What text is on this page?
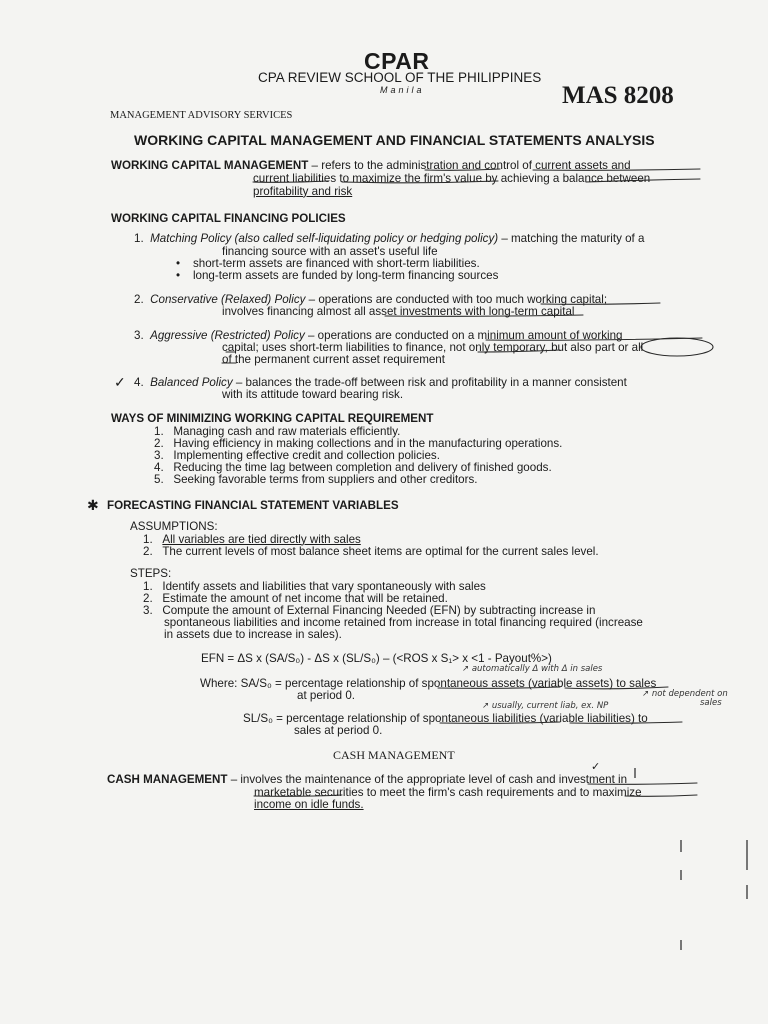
CPAR
CPA REVIEW SCHOOL OF THE PHILIPPINES
Manila	MAS 8208
MANAGEMENT ADVISORY SERVICES
WORKING CAPITAL MANAGEMENT AND FINANCIAL STATEMENTS ANALYSIS
WORKING CAPITAL MANAGEMENT – refers to the administration and control of current assets and
current liabilities to maximize the firm's value by achieving a balance between
profitability and risk
WORKING CAPITAL FINANCING POLICIES
1. Matching Policy (also called self-liquidating policy or hedging policy) – matching the maturity of a
financing source with an asset's useful life
•    short-term assets are financed with short-term liabilities.
•    long-term assets are funded by long-term financing sources
2. Conservative (Relaxed) Policy – operations are conducted with too much working capital;
involves financing almost all asset investments with long-term capital
3. Aggressive (Restricted) Policy – operations are conducted on a minimum amount of working
capital; uses short-term liabilities to finance, not only temporary, but also part or all
of the permanent current asset requirement
✓ 4. Balanced Policy – balances the trade-off between risk and profitability in a manner consistent
with its attitude toward bearing risk.
WAYS OF MINIMIZING WORKING CAPITAL REQUIREMENT
1.   Managing cash and raw materials efficiently.
2.   Having efficiency in making collections and in the manufacturing operations.
3.   Implementing effective credit and collection policies.
4.   Reducing the time lag between completion and delivery of finished goods.
5.   Seeking favorable terms from suppliers and other creditors.
✱ FORECASTING FINANCIAL STATEMENT VARIABLES
ASSUMPTIONS:
1.   All variables are tied directly with sales
2.   The current levels of most balance sheet items are optimal for the current sales level.
STEPS:
1.   Identify assets and liabilities that vary spontaneously with sales
2.   Estimate the amount of net income that will be retained.
3.   Compute the amount of External Financing Needed (EFN) by subtracting increase in
spontaneous liabilities and income retained from increase in total financing required (increase
in assets due to increase in sales).
EFN = ΔS x (SA/S₀) - ΔS x (SL/S₀) – (<ROS x S₁> x <1 - Payout%>)
↗ automatically Δ with Δ in sales
Where: SA/S₀ = percentage relationship of spontaneous assets (variable assets) to sales
at period 0.	↗ not dependent on
sales
↗ usually, current liab, ex. NP
SL/S₀ = percentage relationship of spontaneous liabilities (variable liabilities) to
sales at period 0.
CASH MANAGEMENT
✓
CASH MANAGEMENT – involves the maintenance of the appropriate level of cash and investment in
marketable securities to meet the firm's cash requirements and to maximize
income on idle funds.
